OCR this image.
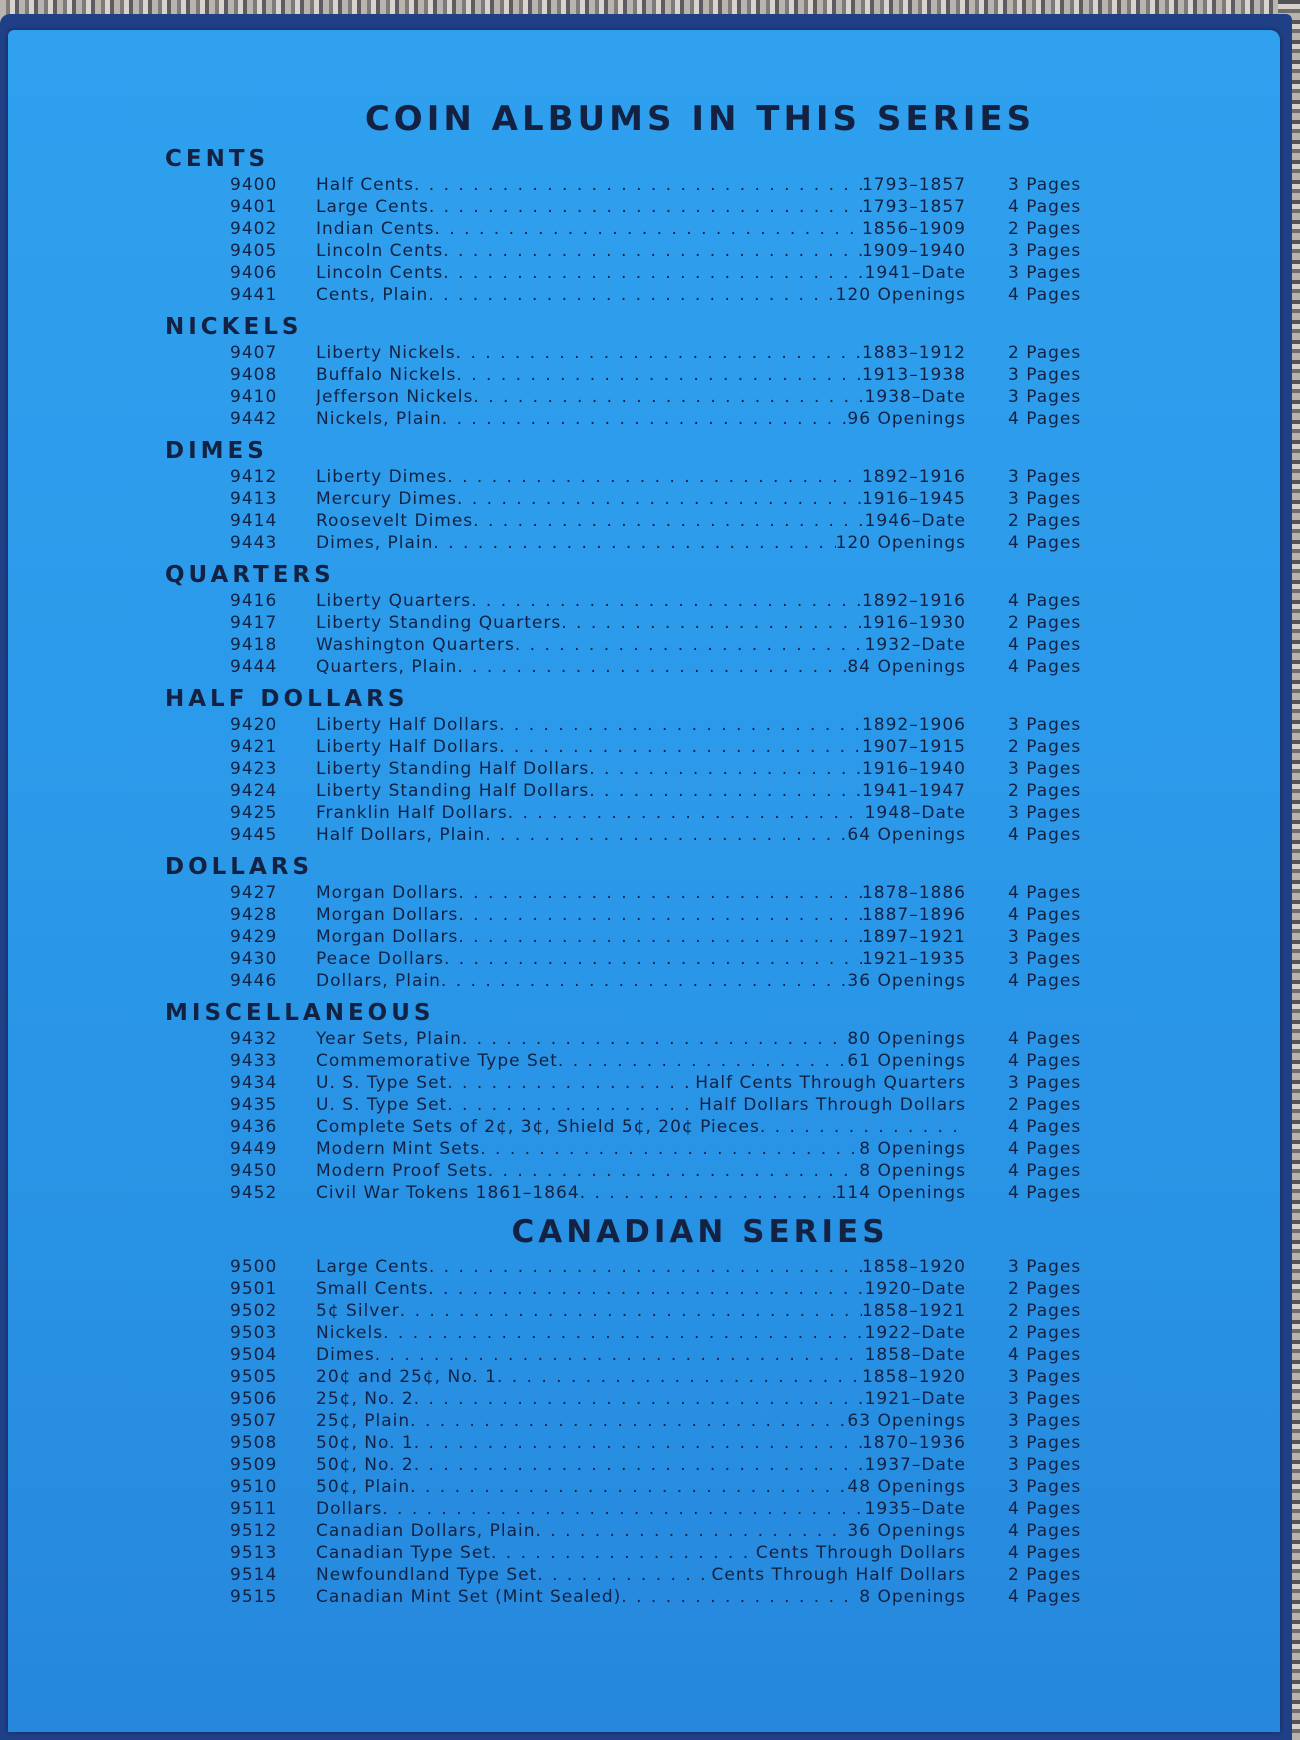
COIN ALBUMS IN THIS SERIES
CENTS
9400	Half Cents . . .	1793–1857	3 Pages
9401	Large Cents . . .	1793–1857	4 Pages
9402	Indian Cents . . .	1856–1909	2 Pages
9405	Lincoln Cents . . .	1909–1940	3 Pages
9406	Lincoln Cents . . .	1941–Date	3 Pages
9441	Cents, Plain . . .	120 Openings	4 Pages
NICKELS
9407	Liberty Nickels . . .	1883–1912	2 Pages
9408	Buffalo Nickels . . .	1913–1938	3 Pages
9410	Jefferson Nickels . . .	1938–Date	3 Pages
9442	Nickels, Plain . . .	96 Openings	4 Pages
DIMES
9412	Liberty Dimes . . .	1892–1916	3 Pages
9413	Mercury Dimes . . .	1916–1945	3 Pages
9414	Roosevelt Dimes . . .	1946–Date	2 Pages
9443	Dimes, Plain . . .	120 Openings	4 Pages
QUARTERS
9416	Liberty Quarters . . .	1892–1916	4 Pages
9417	Liberty Standing Quarters . . .	1916–1930	2 Pages
9418	Washington Quarters . . .	1932–Date	4 Pages
9444	Quarters, Plain . . .	84 Openings	4 Pages
HALF DOLLARS
9420	Liberty Half Dollars . . .	1892–1906	3 Pages
9421	Liberty Half Dollars . . .	1907–1915	2 Pages
9423	Liberty Standing Half Dollars . . .	1916–1940	3 Pages
9424	Liberty Standing Half Dollars . . .	1941–1947	2 Pages
9425	Franklin Half Dollars . . .	1948–Date	3 Pages
9445	Half Dollars, Plain . . .	64 Openings	4 Pages
DOLLARS
9427	Morgan Dollars . . .	1878–1886	4 Pages
9428	Morgan Dollars . . .	1887–1896	4 Pages
9429	Morgan Dollars . . .	1897–1921	3 Pages
9430	Peace Dollars . . .	1921–1935	3 Pages
9446	Dollars, Plain . . .	36 Openings	4 Pages
MISCELLANEOUS
9432	Year Sets, Plain . . .	80 Openings	4 Pages
9433	Commemorative Type Set . . .	61 Openings	4 Pages
9434	U. S. Type Set . . .	Half Cents Through Quarters	3 Pages
9435	U. S. Type Set . . .	Half Dollars Through Dollars	2 Pages
9436	Complete Sets of 2¢, 3¢, Shield 5¢, 20¢ Pieces . . .	4 Pages
9449	Modern Mint Sets . . .	8 Openings	4 Pages
9450	Modern Proof Sets . . .	8 Openings	4 Pages
9452	Civil War Tokens 1861–1864 . . .	114 Openings	4 Pages
CANADIAN SERIES
9500	Large Cents . . .	1858–1920	3 Pages
9501	Small Cents . . .	1920–Date	2 Pages
9502	5¢ Silver . . .	1858–1921	2 Pages
9503	Nickels . . .	1922–Date	2 Pages
9504	Dimes . . .	1858–Date	4 Pages
9505	20¢ and 25¢, No. 1 . . .	1858–1920	3 Pages
9506	25¢, No. 2 . . .	1921–Date	3 Pages
9507	25¢, Plain . . .	63 Openings	3 Pages
9508	50¢, No. 1 . . .	1870–1936	3 Pages
9509	50¢, No. 2 . . .	1937–Date	3 Pages
9510	50¢, Plain . . .	48 Openings	3 Pages
9511	Dollars . . .	1935–Date	4 Pages
9512	Canadian Dollars, Plain . . .	36 Openings	4 Pages
9513	Canadian Type Set . . .	Cents Through Dollars	4 Pages
9514	Newfoundland Type Set . . .	Cents Through Half Dollars	2 Pages
9515	Canadian Mint Set (Mint Sealed) . . .	8 Openings	4 Pages
